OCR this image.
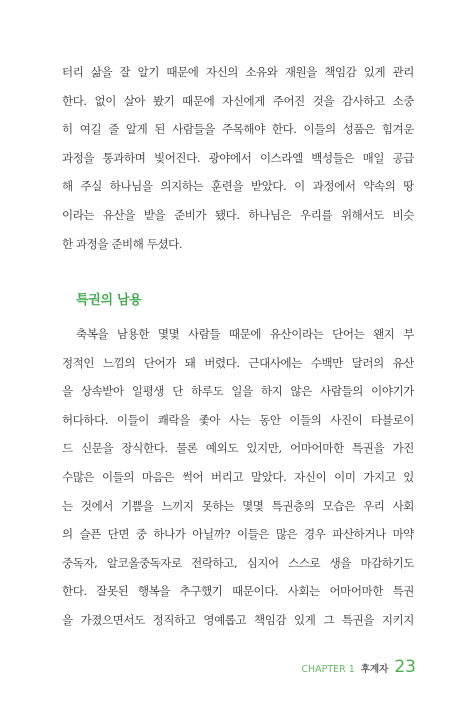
터리 삶을 잘 알기 때문에 자신의 소유와 재원을 책임감 있게 관리
한다. 없이 살아 봤기 때문에 자신에게 주어진 것을 감사하고 소중
히 여길 줄 알게 된 사람들을 주목해야 한다. 이들의 성품은 힘겨운
과정을 통과하며 빛어진다. 광야에서 이스라엘 백성들은 매일 공급
해 주실 하나님을 의지하는 훈련을 받았다. 이 과정에서 약속의 땅
이라는 유산을 받을 준비가 됐다. 하나님은 우리를 위해서도 비슷
한 과정을 준비해 두셨다.
특권의 남용
축복을 남용한 몇몇 사람들 때문에 유산이라는 단어는 왠지 부
정적인 느낌의 단어가 돼 버렸다. 근대사에는 수백만 달러의 유산
을 상속받아 일평생 단 하루도 일을 하지 않은 사람들의 이야기가
허다하다. 이들이 쾌락을 좇아 사는 동안 이들의 사진이 타블로이
드 신문을 장식한다. 물론 예외도 있지만, 어마어마한 특권을 가진
수많은 이들의 마음은 썩어 버리고 말았다. 자신이 이미 가지고 있
는 것에서 기쁨을 느끼지 못하는 몇몇 특권층의 모습은 우리 사회
의 슬픈 단면 중 하나가 아닐까? 이들은 많은 경우 파산하거나 마약
중독자, 알코올중독자로 전락하고, 심지어 스스로 생을 마감하기도
한다. 잘못된 행복을 추구했기 때문이다. 사회는 어마어마한 특권
을 가졌으면서도 정직하고 영예롭고 책임감 있게 그 특권을 지키지
CHAPTER 1 후계자 23
